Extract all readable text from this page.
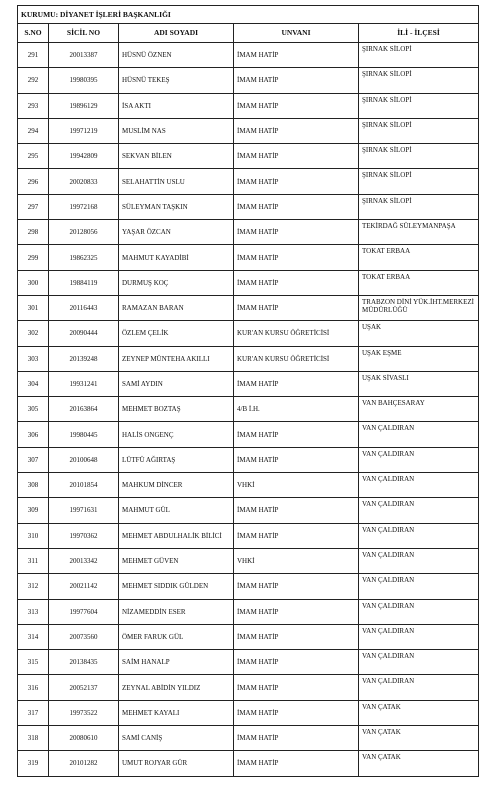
KURUMU: DİYANET İŞLERİ BAŞKANLIĞI				
S.NO	SİCİL NO	ADI SOYADI	UNVANI	İLİ - İLÇESİ
291	20013387	HÜSNÜ ÖZNEN	İMAM HATİP	ŞIRNAK SİLOPİ
292	19980395	HÜSNÜ TEKEŞ	İMAM HATİP	ŞIRNAK SİLOPİ
293	19896129	İSA AKTI	İMAM HATİP	ŞIRNAK SİLOPİ
294	19971219	MUSLİM NAS	İMAM HATİP	ŞIRNAK SİLOPİ
295	19942809	SEKVAN BİLEN	İMAM HATİP	ŞIRNAK SİLOPİ
296	20020833	SELAHATTİN USLU	İMAM HATİP	ŞIRNAK SİLOPİ
297	19972168	SÜLEYMAN TAŞKIN	İMAM HATİP	ŞIRNAK SİLOPİ
298	20128056	YAŞAR ÖZCAN	İMAM HATİP	TEKİRDAĞ SÜLEYMANPAŞA
299	19862325	MAHMUT KAYADİBİ	İMAM HATİP	TOKAT ERBAA
300	19884119	DURMUŞ KOÇ	İMAM HATİP	TOKAT ERBAA
301	20116443	RAMAZAN BARAN	İMAM HATİP	TRABZON DİNİ YÜK.İHT.MERKEZİ MÜDÜRLÜĞÜ
302	20090444	ÖZLEM ÇELİK	KUR'AN KURSU ÖĞRETİCİSİ	UŞAK
303	20139248	ZEYNEP MÜNTEHA AKILLI	KUR'AN KURSU ÖĞRETİCİSİ	UŞAK EŞME
304	19931241	SAMİ AYDIN	İMAM HATİP	UŞAK SİVASLI
305	20163864	MEHMET BOZTAŞ	4/B İ.H.	VAN BAHÇESARAY
306	19980445	HALİS ONGENÇ	İMAM HATİP	VAN ÇALDIRAN
307	20100648	LÜTFÜ AĞIRTAŞ	İMAM HATİP	VAN ÇALDIRAN
308	20101854	MAHKUM DİNCER	VHKİ	VAN ÇALDIRAN
309	19971631	MAHMUT GÜL	İMAM HATİP	VAN ÇALDIRAN
310	19970362	MEHMET ABDULHALİK BİLİCİ	İMAM HATİP	VAN ÇALDIRAN
311	20013342	MEHMET GÜVEN	VHKİ	VAN ÇALDIRAN
312	20021142	MEHMET SIDDIK GÜLDEN	İMAM HATİP	VAN ÇALDIRAN
313	19977604	NİZAMEDDİN ESER	İMAM HATİP	VAN ÇALDIRAN
314	20073560	ÖMER FARUK GÜL	İMAM HATİP	VAN ÇALDIRAN
315	20138435	SAİM HANALP	İMAM HATİP	VAN ÇALDIRAN
316	20052137	ZEYNAL ABİDİN YILDIZ	İMAM HATİP	VAN ÇALDIRAN
317	19973522	MEHMET KAYALI	İMAM HATİP	VAN ÇATAK
318	20080610	SAMİ CANİŞ	İMAM HATİP	VAN ÇATAK
319	20101282	UMUT ROJYAR GÜR	İMAM HATİP	VAN ÇATAK
